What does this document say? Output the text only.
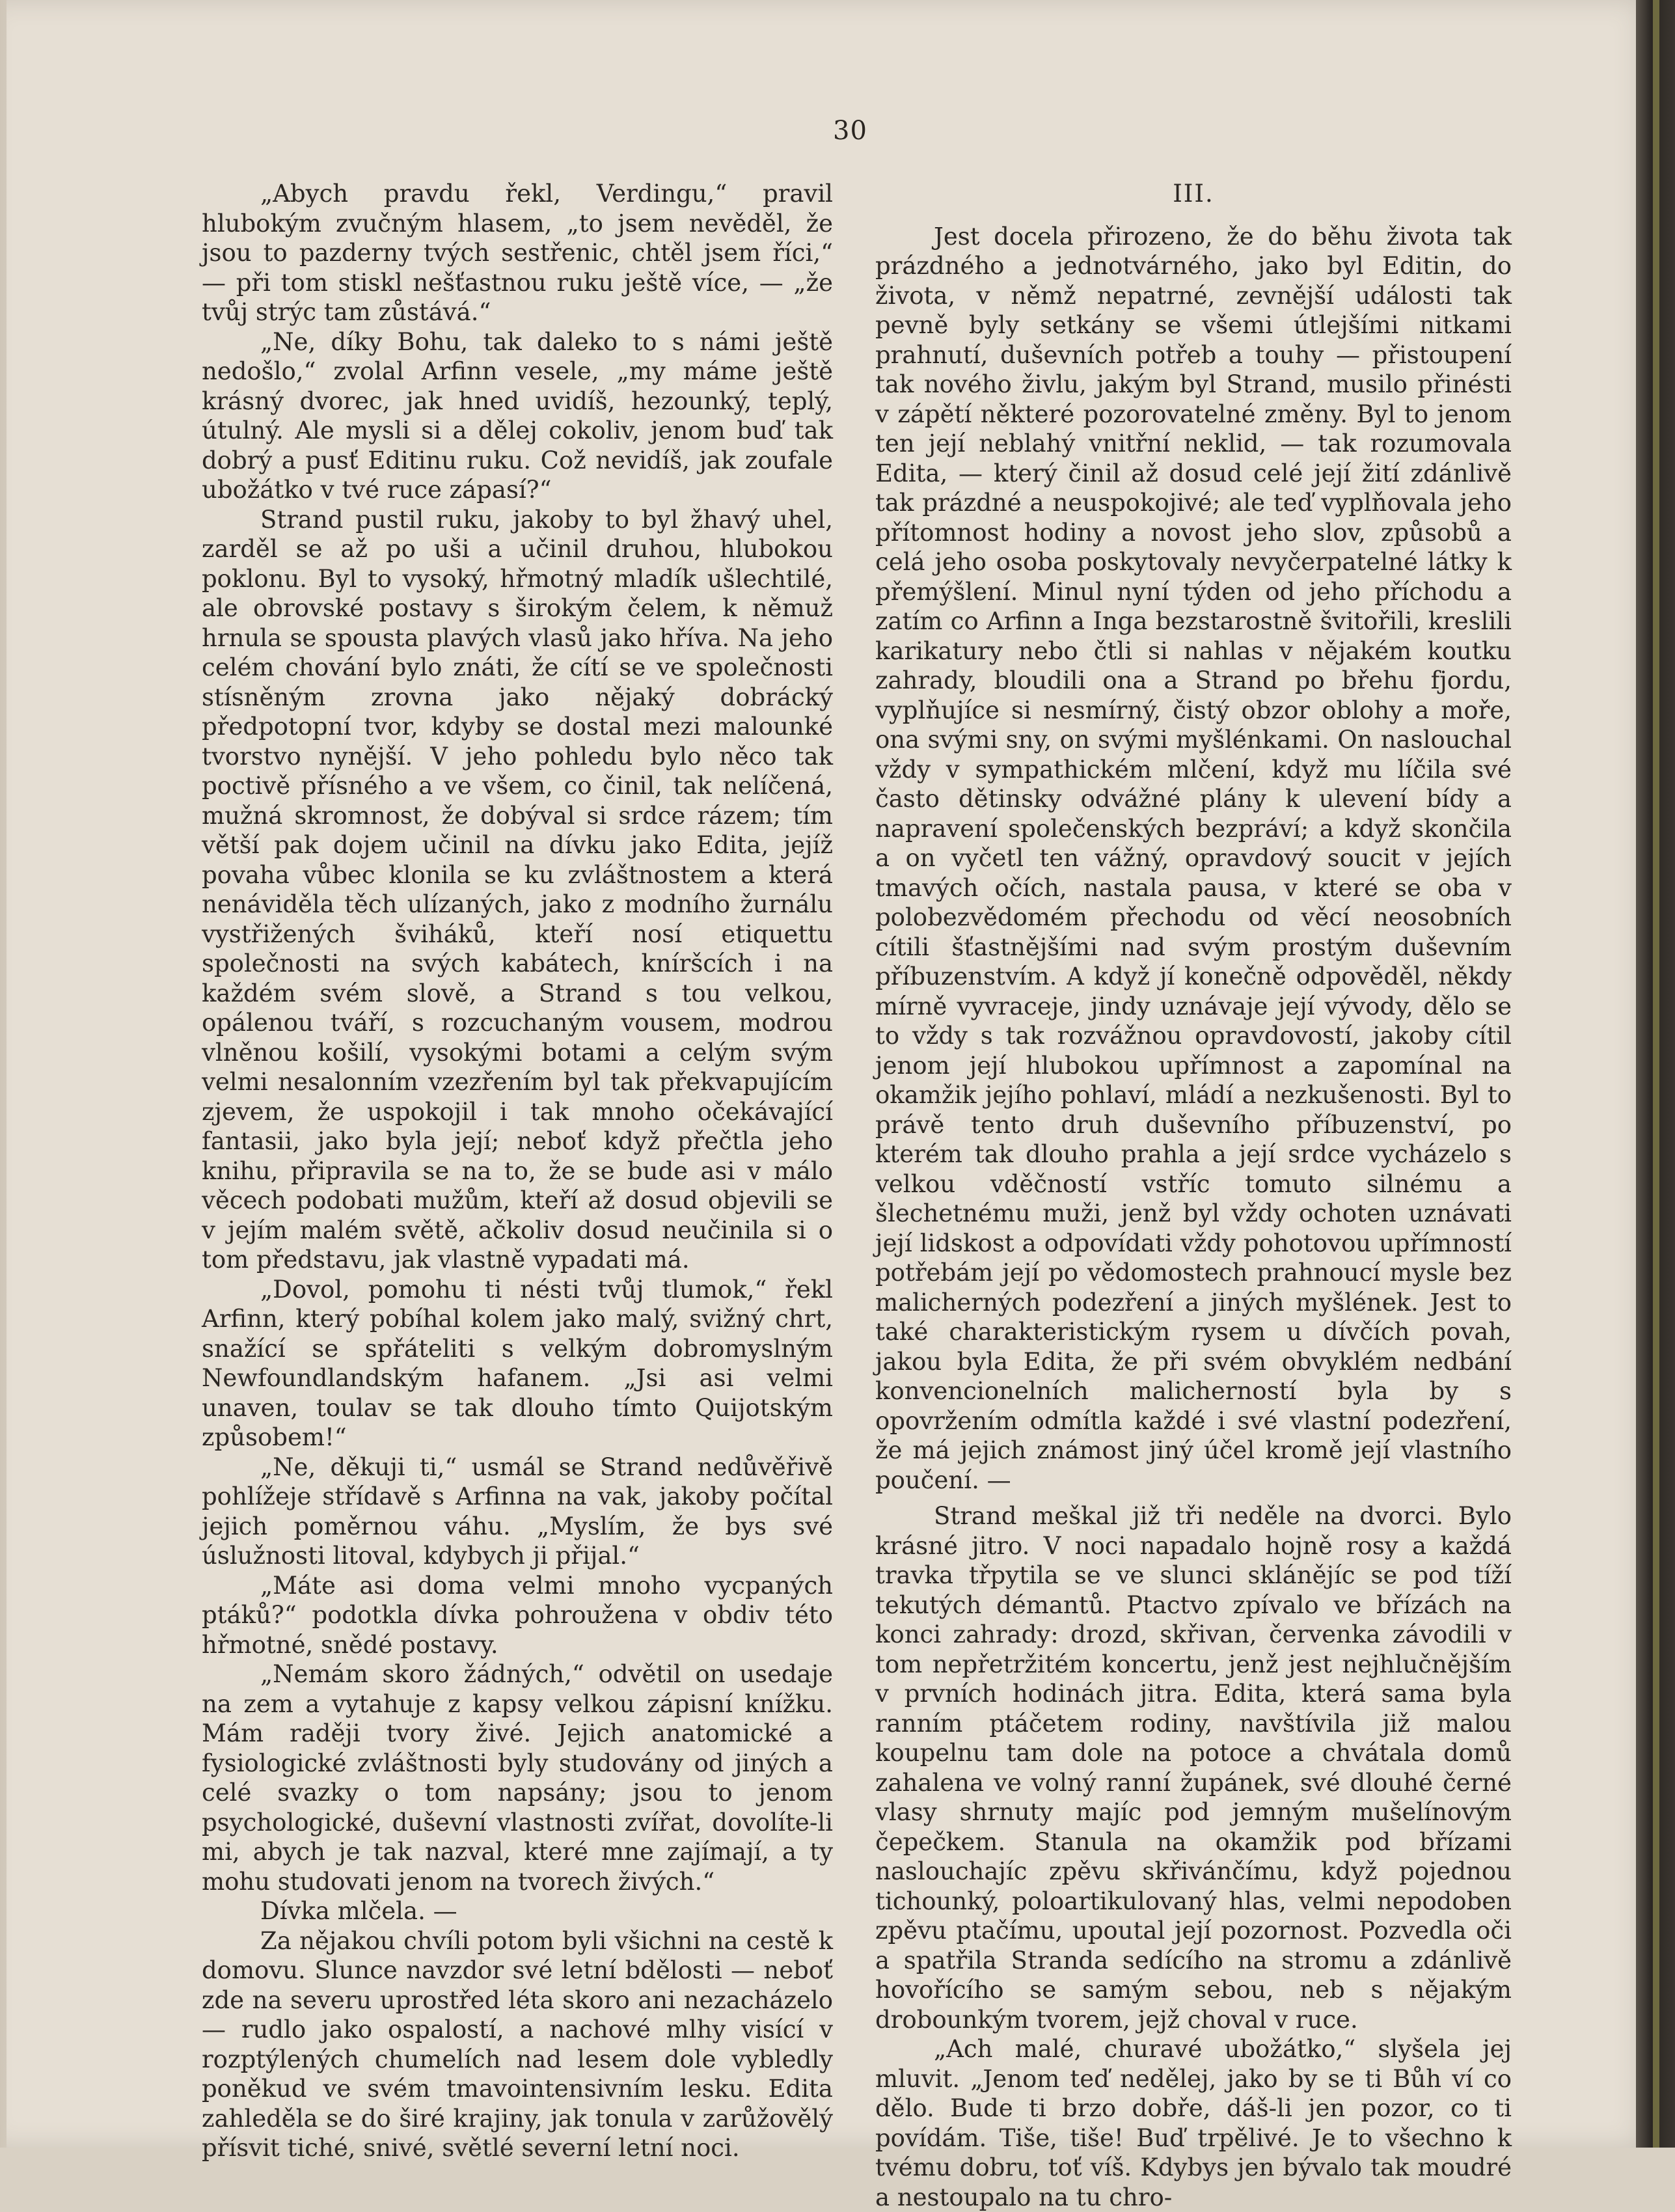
30

„Abych pravdu řekl, Verdingu,“ pravil hlubokým zvučným hlasem, „to jsem nevěděl, že jsou to pazderny tvých sestřenic, chtěl jsem říci,“ — při tom stiskl nešťastnou ruku ještě více, — „že tvůj strýc tam zůstává.“

„Ne, díky Bohu, tak daleko to s námi ještě nedošlo,“ zvolal Arfinn vesele, „my máme ještě krásný dvorec, jak hned uvidíš, hezounký, teplý, útulný. Ale mysli si a dělej cokoliv, jenom buď tak dobrý a pusť Editinu ruku. Což nevidíš, jak zoufale ubožátko v tvé ruce zápasí?“

Strand pustil ruku, jakoby to byl žhavý uhel, zarděl se až po uši a učinil druhou, hlubokou poklonu. Byl to vysoký, hřmotný mladík ušlechtilé, ale obrovské postavy s širokým čelem, k němuž hrnula se spousta plavých vlasů jako hříva. Na jeho celém chování bylo znáti, že cítí se ve společnosti stísněným zrovna jako nějaký dobrácký předpotopní tvor, kdyby se dostal mezi malounké tvorstvo nynější. V jeho pohledu bylo něco tak poctivě přísného a ve všem, co činil, tak nelíčená, mužná skromnost, že dobýval si srdce rázem; tím větší pak dojem učinil na dívku jako Edita, jejíž povaha vůbec klonila se ku zvláštnostem a která nenáviděla těch ulízaných, jako z modního žurnálu vystřižených šviháků, kteří nosí etiquettu společnosti na svých kabátech, kníršcích i na každém svém slově, a Strand s tou velkou, opálenou tváří, s rozcuchaným vousem, modrou vlněnou košilí, vysokými botami a celým svým velmi nesalonním vzezřením byl tak překvapujícím zjevem, že uspokojil i tak mnoho očekávající fantasii, jako byla její; neboť když přečtla jeho knihu, připravila se na to, že se bude asi v málo věcech podobati mužům, kteří až dosud objevili se v jejím malém světě, ačkoliv dosud neučinila si o tom představu, jak vlastně vypadati má.

„Dovol, pomohu ti nésti tvůj tlumok,“ řekl Arfinn, který pobíhal kolem jako malý, svižný chrt, snažící se spřáteliti s velkým dobromyslným Newfoundlandským hafanem. „Jsi asi velmi unaven, toulav se tak dlouho tímto Quijotským způsobem!“

„Ne, děkuji ti,“ usmál se Strand nedůvěřivě pohlížeje střídavě s Arfinna na vak, jakoby počítal jejich poměrnou váhu. „Myslím, že bys své úslužnosti litoval, kdybych ji přijal.“

„Máte asi doma velmi mnoho vycpaných ptáků?“ podotkla dívka pohroužena v obdiv této hřmotné, snědé postavy.

„Nemám skoro žádných,“ odvětil on usedaje na zem a vytahuje z kapsy velkou zápisní knížku. Mám raději tvory živé. Jejich anatomické a fysiologické zvláštnosti byly studovány od jiných a celé svazky o tom napsány; jsou to jenom psychologické, duševní vlastnosti zvířat, dovolíte-li mi, abych je tak nazval, které mne zajímají, a ty mohu studovati jenom na tvorech živých.“

Dívka mlčela. —

Za nějakou chvíli potom byli všichni na cestě k domovu. Slunce navzdor své letní bdělosti — neboť zde na severu uprostřed léta skoro ani nezacházelo — rudlo jako ospalostí, a nachové mlhy visící v rozptýlených chumelích nad lesem dole vybledly poněkud ve svém tmavointensivním lesku. Edita zahleděla se do širé krajiny, jak tonula v zarůžovělý přísvit tiché, snivé, světlé severní letní noci.

III.

Jest docela přirozeno, že do běhu života tak prázdného a jednotvárného, jako byl Editin, do života, v němž nepatrné, zevnější události tak pevně byly setkány se všemi útlejšími nitkami prahnutí, duševních potřeb a touhy — přistoupení tak nového živlu, jakým byl Strand, musilo přinésti v zápětí některé pozorovatelné změny. Byl to jenom ten její neblahý vnitřní neklid, — tak rozumovala Edita, — který činil až dosud celé její žití zdánlivě tak prázdné a neuspokojivé; ale teď vyplňovala jeho přítomnost hodiny a novost jeho slov, způsobů a celá jeho osoba poskytovaly nevyčerpatelné látky k přemýšlení. Minul nyní týden od jeho příchodu a zatím co Arfinn a Inga bezstarostně švitořili, kreslili karikatury nebo čtli si nahlas v nějakém koutku zahrady, bloudili ona a Strand po břehu fjordu, vyplňujíce si nesmírný, čistý obzor oblohy a moře, ona svými sny, on svými myšlénkami. On naslouchal vždy v sympathickém mlčení, když mu líčila své často dětinsky odvážné plány k ulevení bídy a napravení společenských bezpráví; a když skončila a on vyčetl ten vážný, opravdový soucit v jejích tmavých očích, nastala pausa, v které se oba v polobezvědomém přechodu od věcí neosobních cítili šťastnějšími nad svým prostým duševním příbuzenstvím. A když jí konečně odpověděl, někdy mírně vyvraceje, jindy uznávaje její vývody, dělo se to vždy s tak rozvážnou opravdovostí, jakoby cítil jenom její hlubokou upřímnost a zapomínal na okamžik jejího pohlaví, mládí a nezkušenosti. Byl to právě tento druh duševního příbuzenství, po kterém tak dlouho prahla a její srdce vycházelo s velkou vděčností vstříc tomuto silnému a šlechetnému muži, jenž byl vždy ochoten uznávati její lidskost a odpovídati vždy pohotovou upřímností potřebám její po vědomostech prahnoucí mysle bez malicherných podezření a jiných myšlének. Jest to také charakteristickým rysem u dívčích povah, jakou byla Edita, že při svém obvyklém nedbání konvencionelních malicherností byla by s opovržením odmítla každé i své vlastní podezření, že má jejich známost jiný účel kromě její vlastního poučení. —

Strand meškal již tři neděle na dvorci. Bylo krásné jitro. V noci napadalo hojně rosy a každá travka třpytila se ve slunci sklánějíc se pod tíží tekutých démantů. Ptactvo zpívalo ve břízách na konci zahrady: drozd, skřivan, červenka závodili v tom nepřetržitém koncertu, jenž jest nejhlučnějším v prvních hodinách jitra. Edita, která sama byla ranním ptáčetem rodiny, navštívila již malou koupelnu tam dole na potoce a chvátala domů zahalena ve volný ranní župánek, své dlouhé černé vlasy shrnuty majíc pod jemným mušelínovým čepečkem. Stanula na okamžik pod břízami naslouchajíc zpěvu skřivánčímu, když pojednou tichounký, poloartikulovaný hlas, velmi nepodoben zpěvu ptačímu, upoutal její pozornost. Pozvedla oči a spatřila Stranda sedícího na stromu a zdánlivě hovořícího se samým sebou, neb s nějakým drobounkým tvorem, jejž choval v ruce.

„Ach malé, churavé ubožátko,“ slyšela jej mluvit. „Jenom teď nedělej, jako by se ti Bůh ví co dělo. Bude ti brzo dobře, dáš-li jen pozor, co ti povídám. Tiše, tiše! Buď trpělivé. Je to všechno k tvému dobru, toť víš. Kdybys jen bývalo tak moudré a nestoupalo na tu chro-
